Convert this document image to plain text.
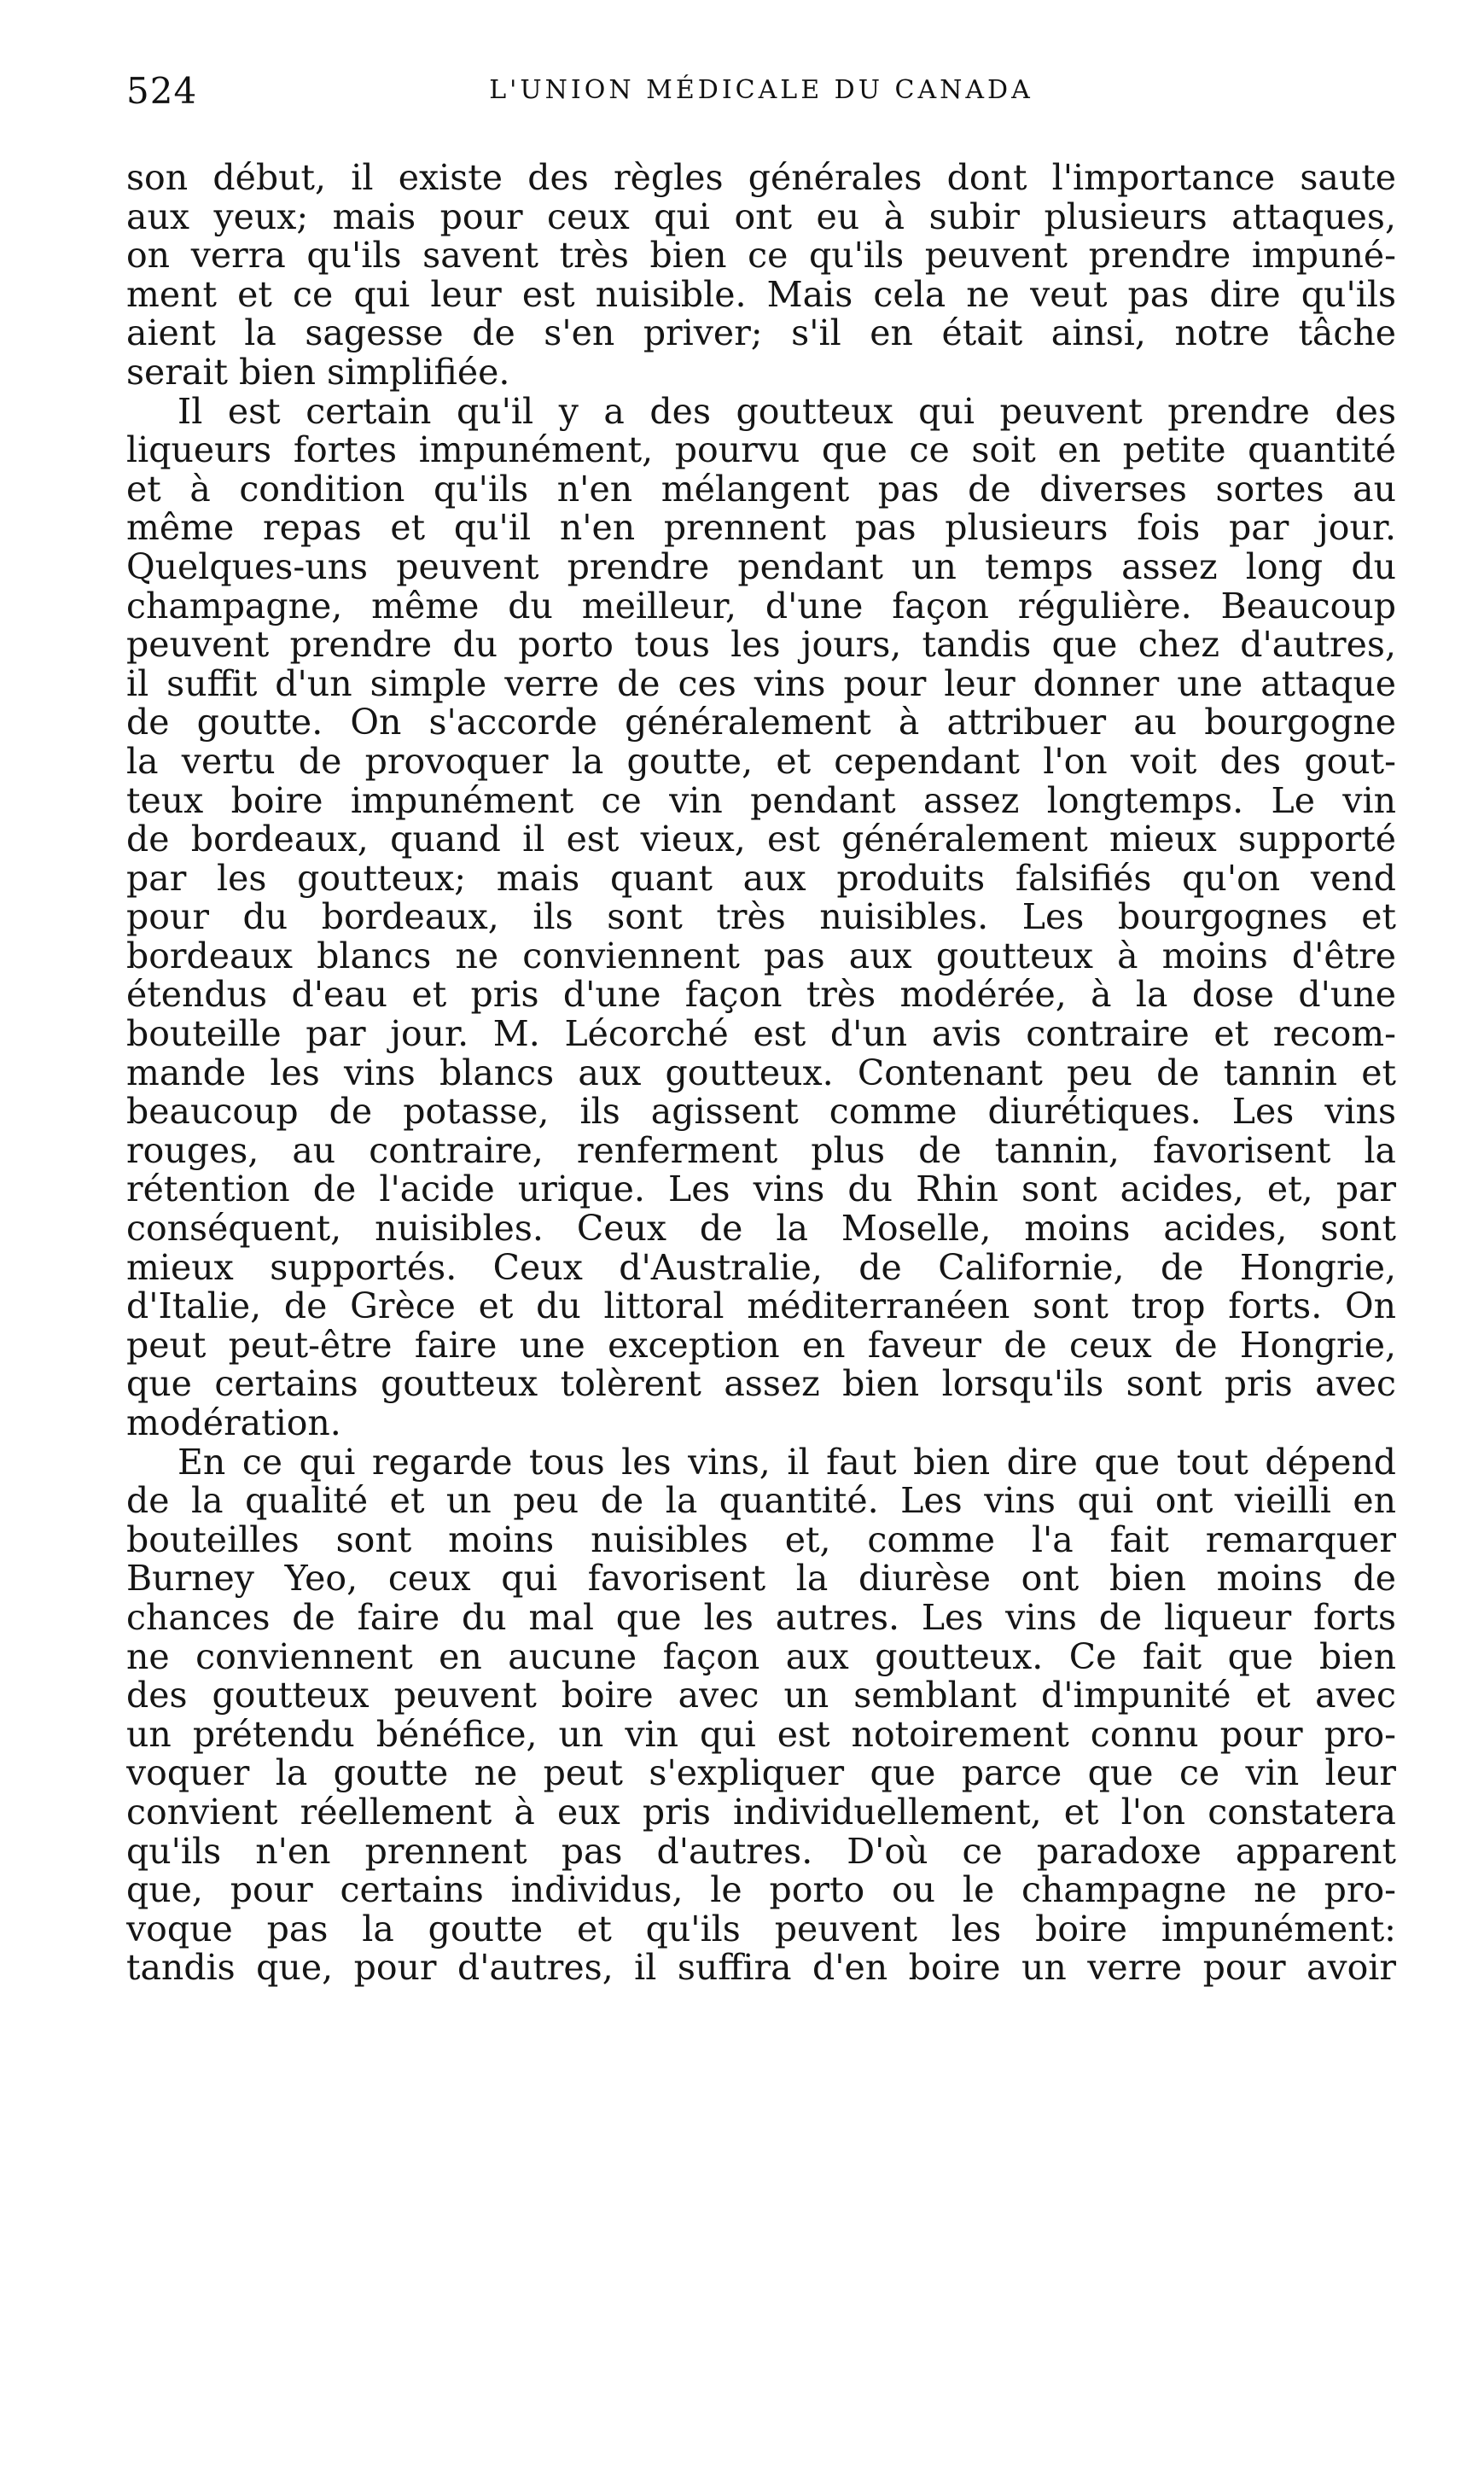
524	L'UNION MÉDICALE DU CANADA
son début, il existe des règles générales dont l'importance saute
aux yeux; mais pour ceux qui ont eu à subir plusieurs attaques,
on verra qu'ils savent très bien ce qu'ils peuvent prendre impuné-
ment et ce qui leur est nuisible. Mais cela ne veut pas dire qu'ils
aient la sagesse de s'en priver; s'il en était ainsi, notre tâche
serait bien simplifiée.
Il est certain qu'il y a des goutteux qui peuvent prendre des
liqueurs fortes impunément, pourvu que ce soit en petite quantité
et à condition qu'ils n'en mélangent pas de diverses sortes au
même repas et qu'il n'en prennent pas plusieurs fois par jour.
Quelques-uns peuvent prendre pendant un temps assez long du
champagne, même du meilleur, d'une façon régulière. Beaucoup
peuvent prendre du porto tous les jours, tandis que chez d'autres,
il suffit d'un simple verre de ces vins pour leur donner une attaque
de goutte. On s'accorde généralement à attribuer au bourgogne
la vertu de provoquer la goutte, et cependant l'on voit des gout-
teux boire impunément ce vin pendant assez longtemps. Le vin
de bordeaux, quand il est vieux, est généralement mieux supporté
par les goutteux; mais quant aux produits falsifiés qu'on vend
pour du bordeaux, ils sont très nuisibles. Les bourgognes et
bordeaux blancs ne conviennent pas aux goutteux à moins d'être
étendus d'eau et pris d'une façon très modérée, à la dose d'une
bouteille par jour. M. Lécorché est d'un avis contraire et recom-
mande les vins blancs aux goutteux. Contenant peu de tannin et
beaucoup de potasse, ils agissent comme diurétiques. Les vins
rouges, au contraire, renferment plus de tannin, favorisent la
rétention de l'acide urique. Les vins du Rhin sont acides, et, par
conséquent, nuisibles. Ceux de la Moselle, moins acides, sont
mieux supportés. Ceux d'Australie, de Californie, de Hongrie,
d'Italie, de Grèce et du littoral méditerranéen sont trop forts. On
peut peut-être faire une exception en faveur de ceux de Hongrie,
que certains goutteux tolèrent assez bien lorsqu'ils sont pris avec
modération.
En ce qui regarde tous les vins, il faut bien dire que tout dépend
de la qualité et un peu de la quantité. Les vins qui ont vieilli en
bouteilles sont moins nuisibles et, comme l'a fait remarquer
Burney Yeo, ceux qui favorisent la diurèse ont bien moins de
chances de faire du mal que les autres. Les vins de liqueur forts
ne conviennent en aucune façon aux goutteux. Ce fait que bien
des goutteux peuvent boire avec un semblant d'impunité et avec
un prétendu bénéfice, un vin qui est notoirement connu pour pro-
voquer la goutte ne peut s'expliquer que parce que ce vin leur
convient réellement à eux pris individuellement, et l'on constatera
qu'ils n'en prennent pas d'autres. D'où ce paradoxe apparent
que, pour certains individus, le porto ou le champagne ne pro-
voque pas la goutte et qu'ils peuvent les boire impunément:
tandis que, pour d'autres, il suffira d'en boire un verre pour avoir
